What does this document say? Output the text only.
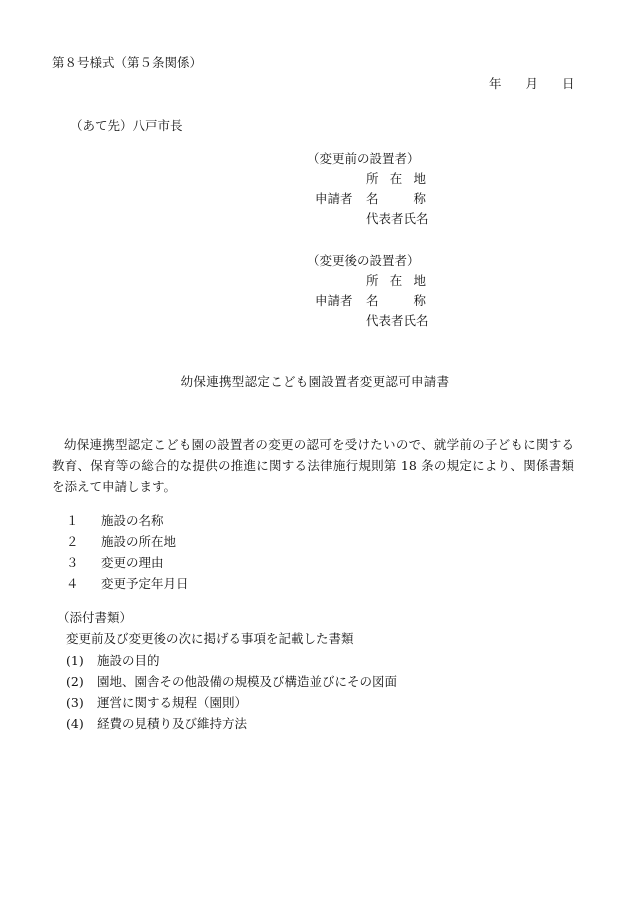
第８号様式（第５条関係）
年 月 日
（あて先）八戸市長
（変更前の設置者）
所 在 地
申請者 名	称
代表者氏名
（変更後の設置者）
所 在 地
申請者 名	称
代表者氏名
幼保連携型認定こども園設置者変更認可申請書
幼保連携型認定こども園の設置者の変更の認可を受けたいので、就学前の子どもに関する教育、保育等の総合的な提供の推進に関する法律施行規則第 18 条の規定により、関係書類を添えて申請します。
１	施設の名称
２	施設の所在地
３	変更の理由
４	変更予定年月日
（添付書類）
変更前及び変更後の次に掲げる事項を記載した書類
(1)	施設の目的
(2)	園地、園舎その他設備の規模及び構造並びにその図面
(3)	運営に関する規程（園則）
(4)	経費の見積り及び維持方法
